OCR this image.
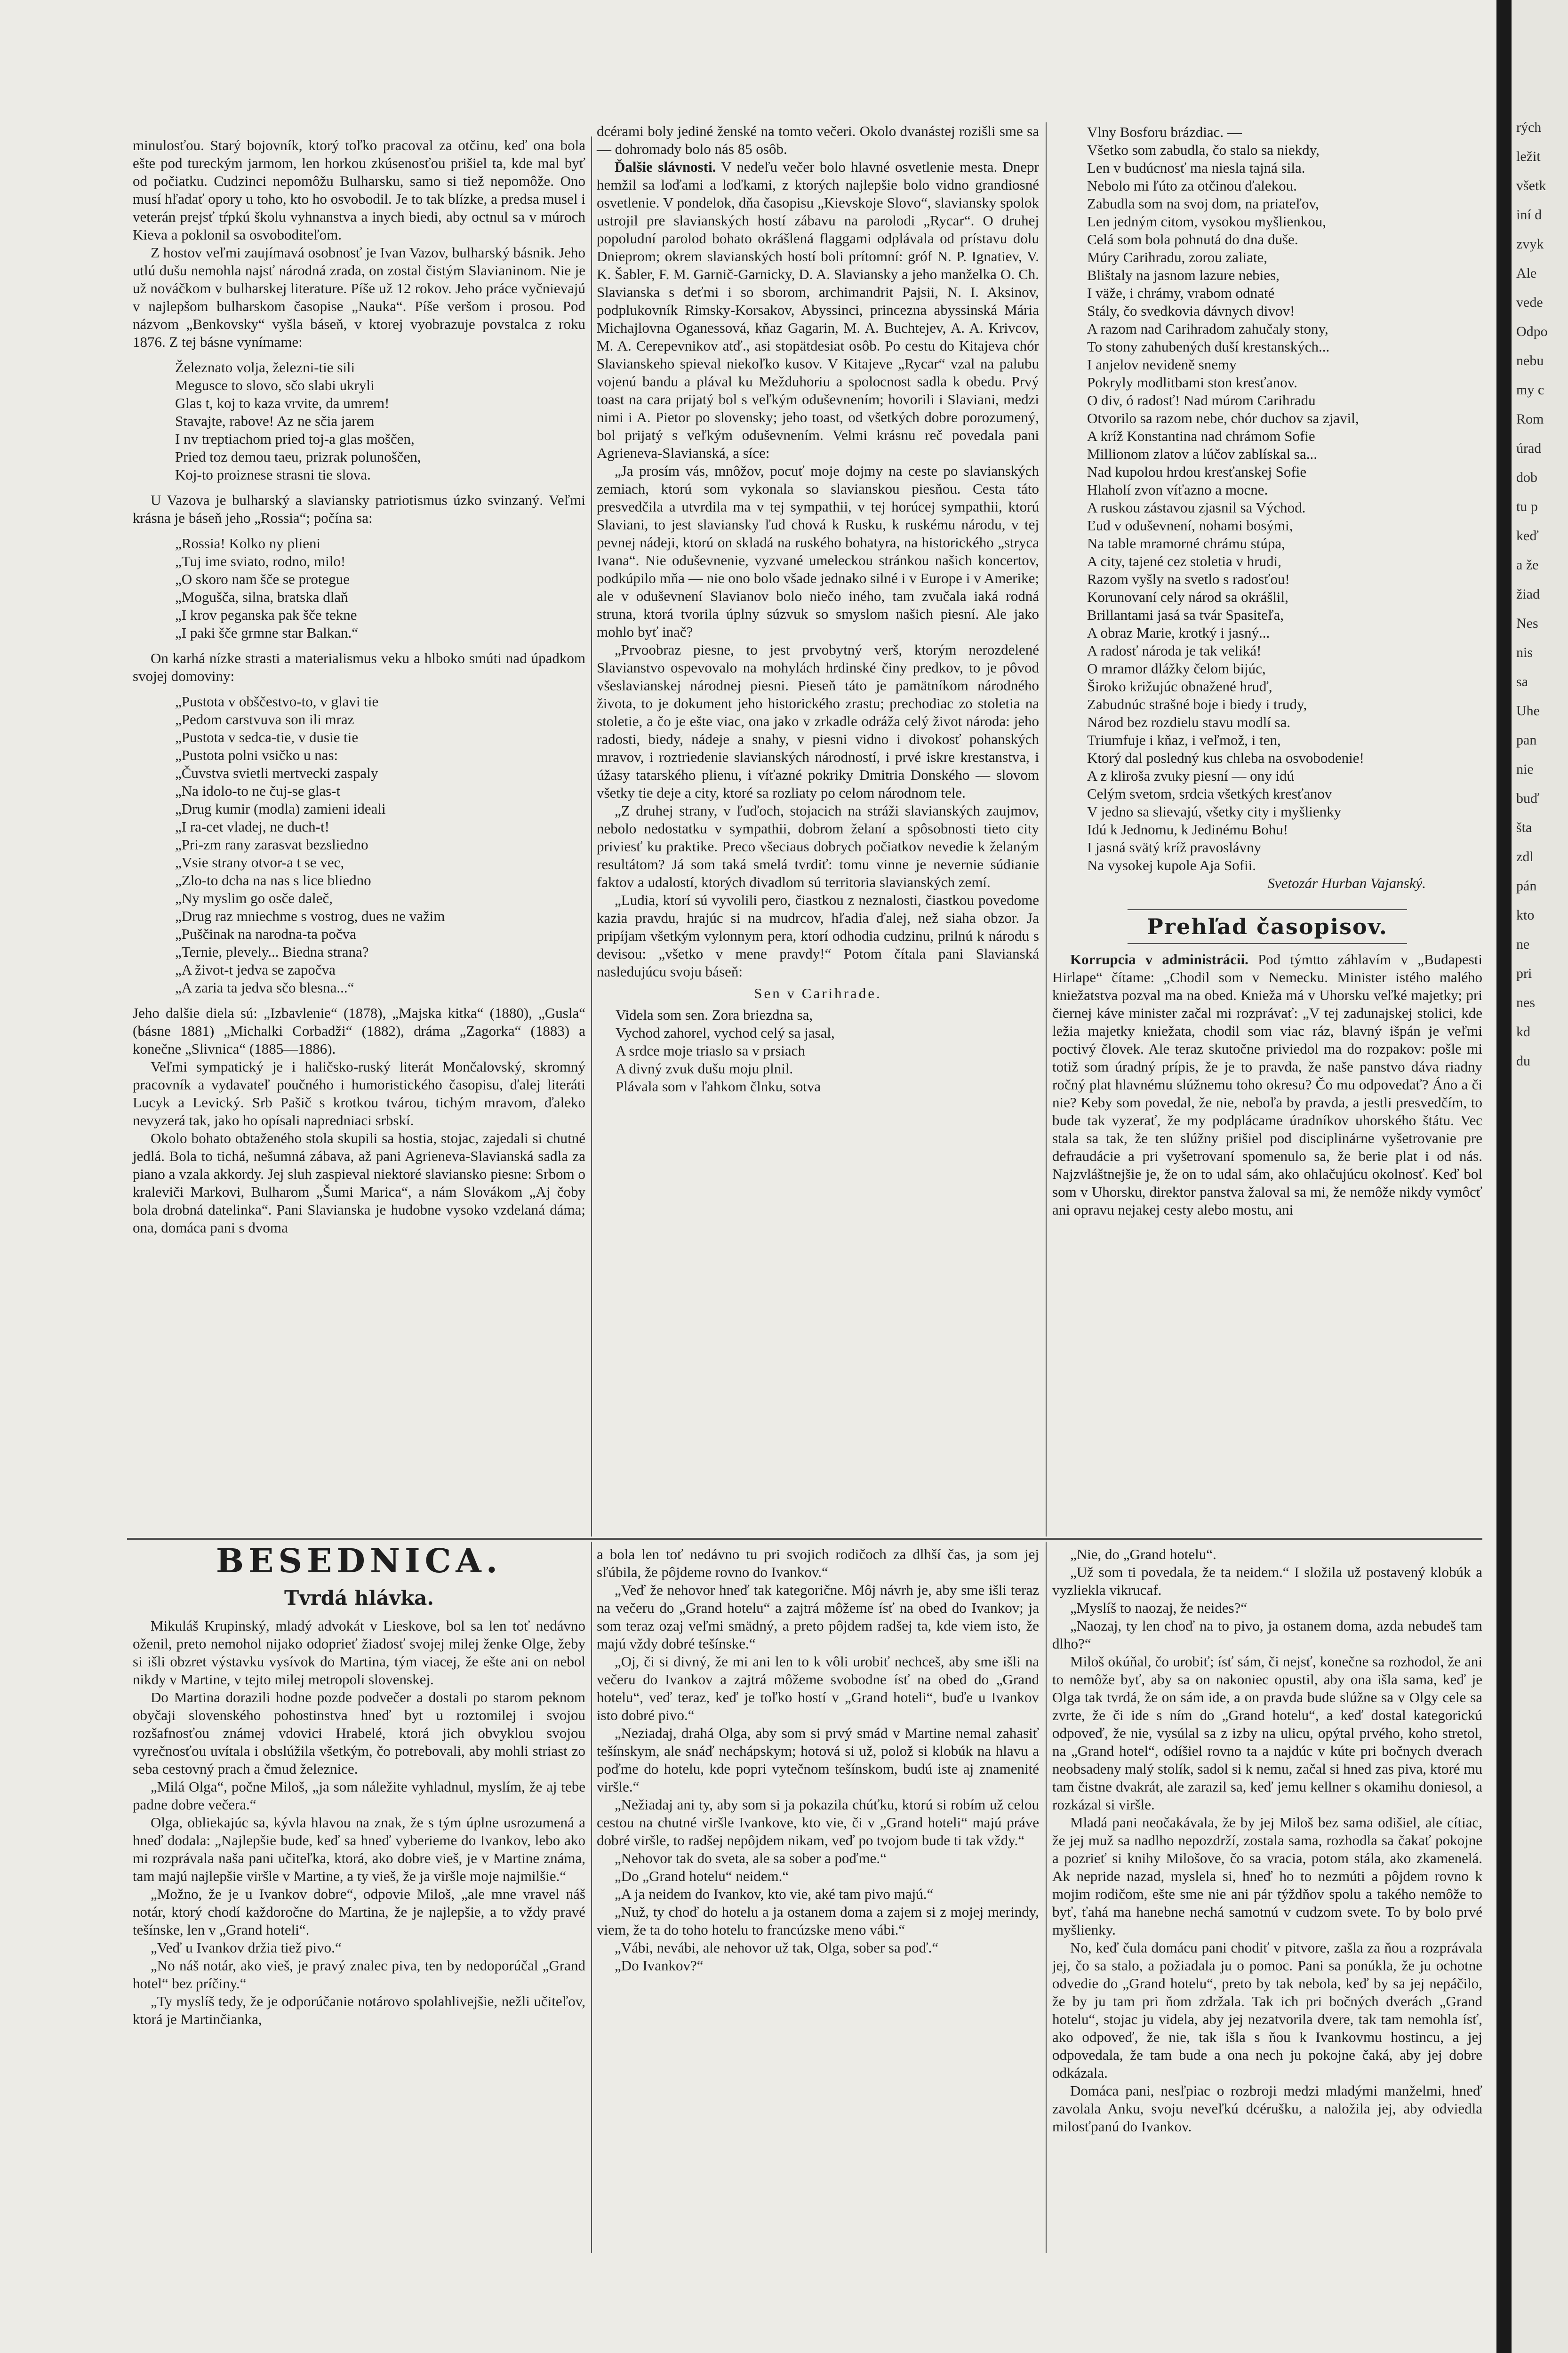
minulosťou. Starý bojovník, ktorý toľko pracoval za otčinu, keď ona bola ešte pod tureckým jarmom, len horkou zkúsenosťou prišiel ta, kde mal byť od počiatku. Cudzinci nepomôžu Bulharsku, samo si tiež nepomôže. Ono musí hľadať opory u toho, kto ho osvobodil. Je to tak blízke, a predsa musel i veterán prejsť tŕpkú školu vyhnanstva a inych biedi, aby octnul sa v múroch Kieva a poklonil sa osvoboditeľom.

Z hostov veľmi zaujímavá osobnosť je Ivan Vazov, bulharský básnik. Jeho utlú dušu nemohla najsť národná zrada, on zostal čistým Slavianinom. Nie je už nováčkom v bulharskej literature. Píše už 12 rokov. Jeho práce vyčnievajú v najlepšom bulharskom časopise „Nauka“. Píše veršom i prosou. Pod názvom „Benkovsky“ vyšla báseň, v ktorej vyobrazuje povstalca z roku 1876. Z tej básne vynímame:

Železnato volja, železni-tie sili

Megusce to slovo, sčo slabi ukryli

Glas t, koj to kaza vrvite, da umrem!

Stavajte, rabove! Az ne sčia jarem

I nv treptiachom pried toj-a glas moščen,

Pried toz demou taeu, prizrak polunoščen,

Koj-to proiznese strasni tie slova.

U Vazova je bulharský a slaviansky patriotismus úzko svinzaný. Veľmi krásna je báseň jeho „Rossia“; počína sa:

„Rossia! Kolko ny plieni

„Tuj ime sviato, rodno, milo!

„O skoro nam šče se protegue

„Mogušča, silna, bratska dlaň

„I krov peganska pak šče tekne

„I paki šče grmne star Balkan.“

On karhá nízke strasti a materialismus veku a hlboko smúti nad úpadkom svojej domoviny:

„Pustota v obščestvo-to, v glavi tie

„Pedom carstvuva son ili mraz

„Pustota v sedca-tie, v dusie tie

„Pustota polni vsičko u nas:

„Čuvstva svietli mertvecki zaspaly

„Na idolo-to ne čuj-se glas-t

„Drug kumir (modla) zamieni ideali

„I ra-cet vladej, ne duch-t!

„Pri-zm rany zarasvat bezsliedno

„Vsie strany otvor-a t se vec,

„Zlo-to dcha na nas s lice bliedno

„Ny myslim go osče daleč,

„Drug raz mniechme s vostrog, dues ne važim

„Puščinak na narodna-ta počva

„Ternie, plevely... Biedna strana?

„A život-t jedva se započva

„A zaria ta jedva sčo blesna...“

Jeho dalšie diela sú: „Izbavlenie“ (1878), „Majska kitka“ (1880), „Gusla“ (básne 1881) „Michalki Corbadži“ (1882), dráma „Zagorka“ (1883) a konečne „Slivnica“ (1885—1886).

Veľmi sympatický je i haličsko-ruský literát Mončalovský, skromný pracovník a vydavateľ poučného i humoristického časopisu, ďalej literáti Lucyk a Levický. Srb Pašič s krotkou tvárou, tichým mravom, ďaleko nevyzerá tak, jako ho opísali napredniaci srbskí.

Okolo bohato obtaženého stola skupili sa hostia, stojac, zajedali si chutné jedlá. Bola to tichá, nešumná zábava, až pani Agrieneva-Slavianská sadla za piano a vzala akkordy. Jej sluh zaspieval niektoré slaviansko piesne: Srbom o kraleviči Markovi, Bulharom „Šumi Marica“, a nám Slovákom „Aj čoby bola drobná datelinka“. Pani Slavianska je hudobne vysoko vzdelaná dáma; ona, domáca pani s dvoma

dcérami boly jediné ženské na tomto večeri. Okolo dvanástej rozišli sme sa — dohromady bolo nás 85 osôb.

Ďalšie slávnosti. V nedeľu večer bolo hlavné osvetlenie mesta. Dnepr hemžil sa loďami a loďkami, z ktorých najlepšie bolo vidno grandiosné osvetlenie. V pondelok, dňa časopisu „Kievskoje Slovo“, slaviansky spolok ustrojil pre slavianských hostí zábavu na parolodi „Rycar“. O druhej popoludní parolod bohato okrášlená flaggami odplávala od prístavu dolu Dnieprom; okrem slavianských hostí boli prítomní: gróf N. P. Ignatiev, V. K. Šabler, F. M. Garnič-Garnicky, D. A. Slaviansky a jeho manželka O. Ch. Slavianska s deťmi i so sborom, archimandrit Pajsii, N. I. Aksinov, podplukovník Rimsky-Korsakov, Abyssinci, princezna abyssinská Mária Michajlovna Oganessová, kňaz Gagarin, M. A. Buchtejev, A. A. Krivcov, M. A. Cerepevnikov atď., asi stopätdesiat osôb. Po cestu do Kitajeva chór Slavianskeho spieval niekoľko kusov. V Kitajeve „Rycar“ vzal na palubu vojenú bandu a plával ku Mežduhoriu a spolocnost sadla k obedu. Prvý toast na cara prijatý bol s veľkým oduševnením; hovorili i Slaviani, medzi nimi i A. Pietor po slovensky; jeho toast, od všetkých dobre porozumený, bol prijatý s veľkým oduševnením. Velmi krásnu reč povedala pani Agrieneva-Slavianská, a síce:

„Ja prosím vás, mnôžov, pocuť moje dojmy na ceste po slavianských zemiach, ktorú som vykonala so slavianskou piesňou. Cesta táto presvedčila a utvrdila ma v tej sympathii, v tej horúcej sympathii, ktorú Slaviani, to jest slaviansky ľud chová k Rusku, k ruskému národu, v tej pevnej nádeji, ktorú on skladá na ruského bohatyra, na historického „stryca Ivana“. Nie oduševnenie, vyzvané umeleckou stránkou našich koncertov, podkúpilo mňa — nie ono bolo všade jednako silné i v Europe i v Amerike; ale v oduševnení Slavianov bolo niečo iného, tam zvučala iaká rodná struna, ktorá tvorila úplny súzvuk so smyslom našich piesní. Ale jako mohlo byť inač?

„Prvoobraz piesne, to jest prvobytný verš, ktorým nerozdelené Slavianstvo ospevovalo na mohylách hrdinské činy predkov, to je pôvod všeslavianskej národnej piesni. Pieseň táto je pamätníkom národného života, to je dokument jeho historického zrastu; prechodiac zo stoletia na stoletie, a čo je ešte viac, ona jako v zrkadle odráža celý život národa: jeho radosti, biedy, nádeje a snahy, v piesni vidno i divokosť pohanských mravov, i roztriedenie slavianských národností, i prvé iskre krestanstva, i úžasy tatarského plienu, i víťazné pokriky Dmitria Donského — slovom všetky tie deje a city, ktoré sa rozliaty po celom národnom tele.

„Z druhej strany, v ľuďoch, stojacich na stráži slavianských zaujmov, nebolo nedostatku v sympathii, dobrom želaní a spôsobnosti tieto city priviesť ku praktike. Preco všeciaus dobrych počiatkov nevedie k želaným resultátom? Já som taká smelá tvrdiť: tomu vinne je nevernie súdianie faktov a udalostí, ktorých divadlom sú territoria slavianských zemí.

„Ludia, ktorí sú vyvolili pero, čiastkou z neznalosti, čiastkou povedome kazia pravdu, hrajúc si na mudrcov, hľadia ďalej, než siaha obzor. Ja pripíjam všetkým vylonnym pera, ktorí odhodia cudzinu, prilnú k národu s devisou: „všetko v mene pravdy!“ Potom čítala pani Slavianská nasledujúcu svoju báseň:

Sen v Carihrade.

Videla som sen. Zora briezdna sa,

Vychod zahorel, vychod celý sa jasal,

A srdce moje triaslo sa v prsiach

A divný zvuk dušu moju plnil.

Plávala som v ľahkom člnku, sotva

Vlny Bosforu brázdiac. —

Všetko som zabudla, čo stalo sa niekdy,

Len v budúcnosť ma niesla tajná sila.

Nebolo mi ľúto za otčinou ďalekou.

Zabudla som na svoj dom, na priateľov,

Len jedným citom, vysokou myšlienkou,

Celá som bola pohnutá do dna duše.

Múry Carihradu, zorou zaliate,

Blištaly na jasnom lazure nebies,

I väže, i chrámy, vrabom odnaté

Stály, čo svedkovia dávnych divov!

A razom nad Carihradom zahučaly stony,

To stony zahubených duší krestanských...

I anjelov nevideně snemy

Pokryly modlitbami ston kresťanov.

O div, ó radosť! Nad múrom Carihradu

Otvorilo sa razom nebe, chór duchov sa zjavil,

A kríž Konstantina nad chrámom Sofie

Millionom zlatov a lúčov zablískal sa...

Nad kupolou hrdou kresťanskej Sofie

Hlaholí zvon víťazno a mocne.

A ruskou zástavou zjasnil sa Východ.

Ľud v oduševnení, nohami bosými,

Na table mramorné chrámu stúpa,

A city, tajené cez stoletia v hrudi,

Razom vyšly na svetlo s radosťou!

Korunovaní cely národ sa okrášlil,

Brillantami jasá sa tvár Spasiteľa,

A obraz Marie, krotký i jasný...

A radosť národa je tak veliká!

O mramor dlážky čelom bijúc,

Široko križujúc obnažené hruď,

Zabudnúc strašné boje i biedy i trudy,

Národ bez rozdielu stavu modlí sa.

Triumfuje i kňaz, i veľmož, i ten,

Ktorý dal posledný kus chleba na osvobodenie!

A z kliroša zvuky piesní — ony idú

Celým svetom, srdcia všetkých kresťanov

V jedno sa slievajú, všetky city i myšlienky

Idú k Jednomu, k Jedinému Bohu!

I jasná svätý kríž pravoslávny

Na vysokej kupole Aja Sofii.

Svetozár Hurban Vajanský.

Prehľad časopisov.

Korrupcia v administrácii. Pod týmtto záhlavím v „Budapesti Hirlape“ čítame: „Chodil som v Nemecku. Minister istého malého kniežatstva pozval ma na obed. Kniežа má v Uhorsku veľké majetky; pri čiernej káve minister začal mi rozprávať: „V tej zadunajskej stolici, kde ležia majetky kniežata, chodil som viac ráz, blavný išpán je veľmi poctivý človek. Ale teraz skutočne priviedol ma do rozpakov: pošle mi totiž som úradný prípis, že je to pravda, že naše panstvo dáva riadny ročný plat hlavnému slúžnemu toho okresu? Čo mu odpovedať? Áno a či nie? Keby som povedal, že nie, neboľa by pravda, a jestli presvedčím, to bude tak vyzerať, že my podplácame úradníkov uhorského štátu. Vec stala sa tak, že ten slúžny prišiel pod disciplinárne vyšetrovanie pre defraudácie a pri vyšetrovaní spomenulo sa, že berie plat i od nás. Najzvláštnejšie je, že on to udal sám, ako ohlačujúcu okolnosť. Keď bol som v Uhorsku, direktor panstva žaloval sa mi, že nemôže nikdy vymôcť ani opravu nejakej cesty alebo mostu, ani

BESEDNICA.
Tvrdá hlávka.

Mikuláš Krupinský, mladý advokát v Lieskove, bol sa len toť nedávno oženil, preto nemohol nijako odoprieť žiadosť svojej milej ženke Olge, žeby si išli obzret výstavku vysívok do Martina, tým viacej, že ešte ani on nebol nikdy v Martine, v tejto milej metropoli slovenskej.

Do Martina dorazili hodne pozde podvečer a dostali po starom peknom obyčaji slovenského pohostinstva hneď byt u roztomilej i svojou rozšafnosťou známej vdovici Hrabelé, ktorá jich obvyklou svojou vyrečnosťou uvítala i obslúžila všetkým, čo potrebovali, aby mohli striast zo seba cestovný prach a čmud železnice.

„Milá Olga“, počne Miloš, „ja som náležite vyhladnul, myslím, že aj tebe padne dobre večera.“

Olga, obliekajúc sa, kývla hlavou na znak, že s tým úplne usrozumená a hneď dodala: „Najlepšie bude, keď sa hneď vyberieme do Ivankov, lebo ako mi rozprávala naša pani učiteľka, ktorá, ako dobre vieš, je v Martine známa, tam majú najlepšie viršle v Martine, a ty vieš, že ja viršle moje najmilšie.“

„Možno, že je u Ivankov dobre“, odpovie Miloš, „ale mne vravel náš notár, ktorý chodí každoročne do Martina, že je najlepšie, a to vždy pravé tešínske, len v „Grand hoteli“.

„Veď u Ivankov držia tiež pivo.“

„No náš notár, ako vieš, je pravý znalec piva, ten by nedoporúčal „Grand hotel“ bez príčiny.“

„Ty myslíš tedy, že je odporúčanie notárovo spolahlivejšie, nežli učiteľov, ktorá je Martinčianka,

a bola len toť nedávno tu pri svojich rodičoch za dlhší čas, ja som jej sľúbila, že pôjdeme rovno do Ivankov.“

„Veď že nehovor hneď tak kategorične. Môj návrh je, aby sme išli teraz na večeru do „Grand hotelu“ a zajtrá môžeme ísť na obed do Ivankov; ja som teraz ozaj veľmi smädný, a preto pôjdem radšej ta, kde viem isto, že majú vždy dobré tešínske.“

„Oj, či si divný, že mi ani len to k vôli urobiť nechceš, aby sme išli na večeru do Ivankov a zajtrá môžeme svobodne ísť na obed do „Grand hotelu“, veď teraz, keď je toľko hostí v „Grand hoteli“, buďe u Ivankov isto dobré pivo.“

„Neziadaj, drahá Olga, aby som si prvý smád v Martine nemal zahasiť tešínskym, ale snáď nechápskym; hotová si už, polož si klobúk na hlavu a poďme do hotelu, kde popri vytečnom tešínskom, budú iste aj znamenité viršle.“

„Nežiadaj ani ty, aby som si ja pokazila chúťku, ktorú si robím už celou cestou na chutné viršle Ivankove, kto vie, či v „Grand hoteli“ majú práve dobré viršle, to radšej nepôjdem nikam, veď po tvojom bude ti tak vždy.“

„Nehovor tak do sveta, ale sa sober a poďme.“

„Do „Grand hotelu“ neidem.“

„A ja neidem do Ivankov, kto vie, aké tam pivo majú.“

„Nuž, ty choď do hotelu a ja ostanem doma a zajem si z mojej merindy, viem, že ta do toho hotelu to francúzske meno vábi.“

„Vábi, nevábi, ale nehovor už tak, Olga, sober sa poď.“

„Do Ivankov?“

„Nie, do „Grand hotelu“.

„Už som ti povedala, že ta neidem.“ I složila už postavený klobúk a vyzliekla vikrucaf.

„Myslíš to naozaj, že neides?“

„Naozaj, ty len choď na to pivo, ja ostanem doma, azda nebudeš tam dlho?“

Miloš okúňal, čo urobiť; ísť sám, či nejsť, konečne sa rozhodol, že ani to nemôže byť, aby sa on nakoniec opustil, aby ona išla sama, keď je Olga tak tvrdá, že on sám ide, a on pravda bude slúžne sa v Olgy cele sa zvrte, že či ide s ním do „Grand hotelu“, a keď dostal kategorickú odpoveď, že nie, vysúlal sa z izby na ulicu, opýtal prvého, koho stretol, na „Grand hotel“, odíšiel rovno ta a najdúc v kúte pri bočnych dverach neobsadeny malý stolík, sadol si k nemu, začal si hned zas piva, ktoré mu tam čistne dvakrát, ale zarazil sa, keď jemu kellner s okamihu doniesol, a rozkázal si viršle.

Mladá pani neočakávala, že by jej Miloš bez sama odišiel, ale cítiac, že jej muž sa nadlho nepozdrží, zostala sama, rozhodla sa čakať pokojne a pozrieť si knihy Milošove, čo sa vracia, potom stála, ako zkamenelá. Ak nepride nazad, myslela si, hneď ho to nezmúti a pôjdem rovno k mojim rodičom, ešte sme nie ani pár týždňov spolu a takého nemôže to byť, ťahá ma hanebne nechá samotnú v cudzom svete. To by bolo prvé myšlienky.

No, keď čula domácu pani chodiť v pitvore, zašla za ňou a rozprávala jej, čo sa stalo, a požiadala ju o pomoc. Pani sa ponúkla, že ju ochotne odvedie do „Grand hotelu“, preto by tak nebola, keď by sa jej nepáčilo, že by ju tam pri ňom zdržala. Tak ich pri bočných dverách „Grand hotelu“, stojac ju videla, aby jej nezatvorila dvere, tak tam nemohla ísť, ako odpoveď, že nie, tak išla s ňou k Ivankovmu hostincu, a jej odpovedala, že tam bude a ona nech ju pokojne čaká, aby jej dobre odkázala.

Domáca pani, nesľpiac o rozbroji medzi mladými manželmi, hneď zavolala Anku, svoju neveľkú dcérušku, a naložila jej, aby odviedla milosťpanú do Ivankov.

rých
ležit
všetk
iní d
zvyk
Ale
vede
Odpo
nebu
my c
Rom
úrad
dob
tu p
keď
a že
žiad
Nes
nis
sa
Uhe
pan
nie
buď
šta
zdl
pán
kto
ne
pri
nes
kd
du
